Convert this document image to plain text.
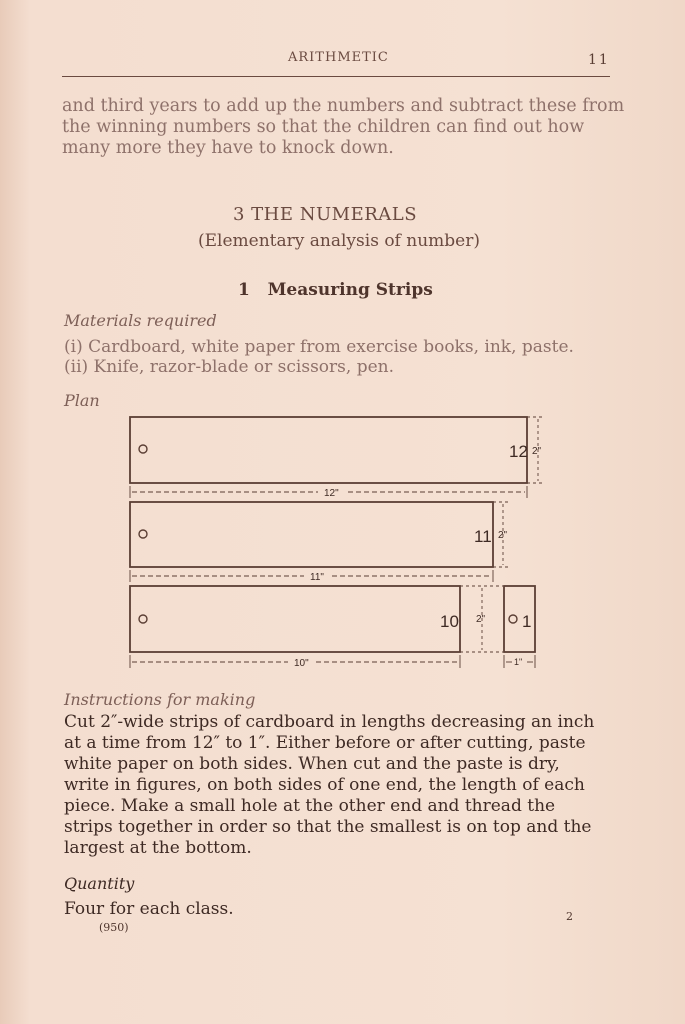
ARITHMETIC	11
and third years to add up the numbers and subtract these from
the winning numbers so that the children can find out how
many more they have to knock down.
3 THE NUMERALS
(Elementary analysis of number)
1 Measuring Strips
Materials required
(i) Cardboard, white paper from exercise books, ink, paste.
(ii) Knife, razor-blade or scissors, pen.
Plan
12 2"
12"
11 2"
11"
10 2"
10"
1
1"
Instructions for making
Cut 2″-wide strips of cardboard in lengths decreasing an inch
at a time from 12″ to 1″. Either before or after cutting, paste
white paper on both sides. When cut and the paste is dry,
write in figures, on both sides of one end, the length of each
piece. Make a small hole at the other end and thread the
strips together in order so that the smallest is on top and the
largest at the bottom.
Quantity
Four for each class.
(950)
2
